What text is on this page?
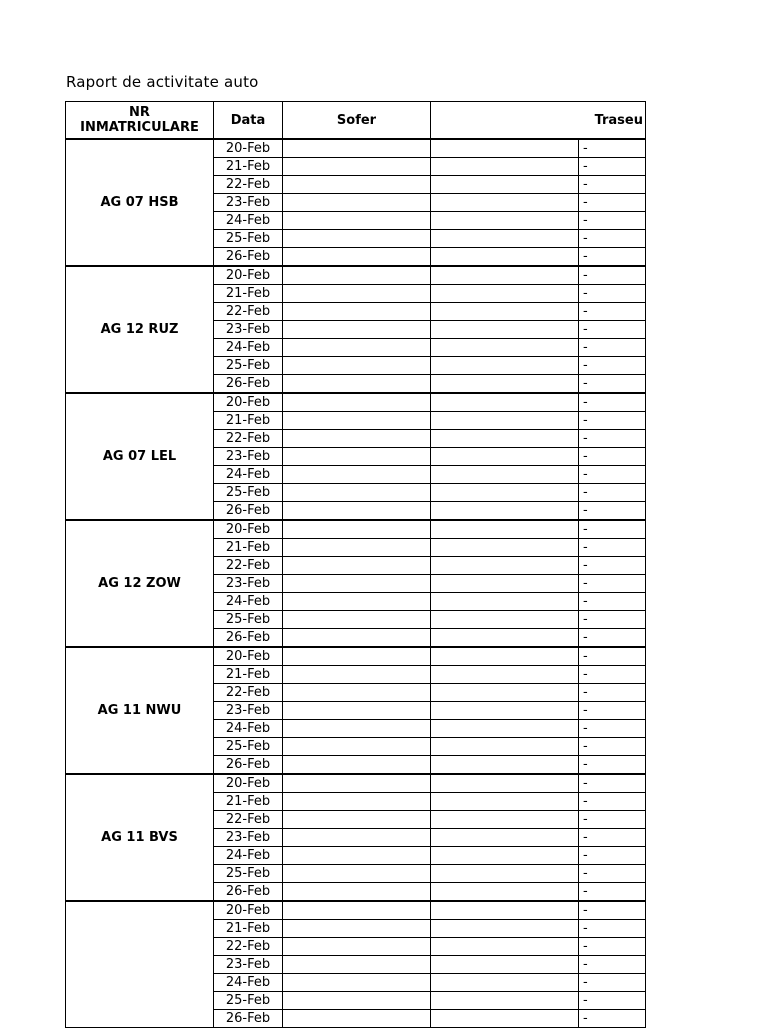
Raport de activitate auto
NR
INMATRICULARE	Data	Sofer	Traseu	
AG 07 HSB	20-Feb			-
	21-Feb			-
	22-Feb			-
	23-Feb			-
	24-Feb			-
	25-Feb			-
	26-Feb			-
AG 12 RUZ	20-Feb			-
	21-Feb			-
	22-Feb			-
	23-Feb			-
	24-Feb			-
	25-Feb			-
	26-Feb			-
AG 07 LEL	20-Feb			-
	21-Feb			-
	22-Feb			-
	23-Feb			-
	24-Feb			-
	25-Feb			-
	26-Feb			-
AG 12 ZOW	20-Feb			-
	21-Feb			-
	22-Feb			-
	23-Feb			-
	24-Feb			-
	25-Feb			-
	26-Feb			-
AG 11 NWU	20-Feb			-
	21-Feb			-
	22-Feb			-
	23-Feb			-
	24-Feb			-
	25-Feb			-
	26-Feb			-
AG 11 BVS	20-Feb			-
	21-Feb			-
	22-Feb			-
	23-Feb			-
	24-Feb			-
	25-Feb			-
	26-Feb			-
	20-Feb			-
	21-Feb			-
	22-Feb			-
	23-Feb			-
	24-Feb			-
	25-Feb			-
	26-Feb			-
